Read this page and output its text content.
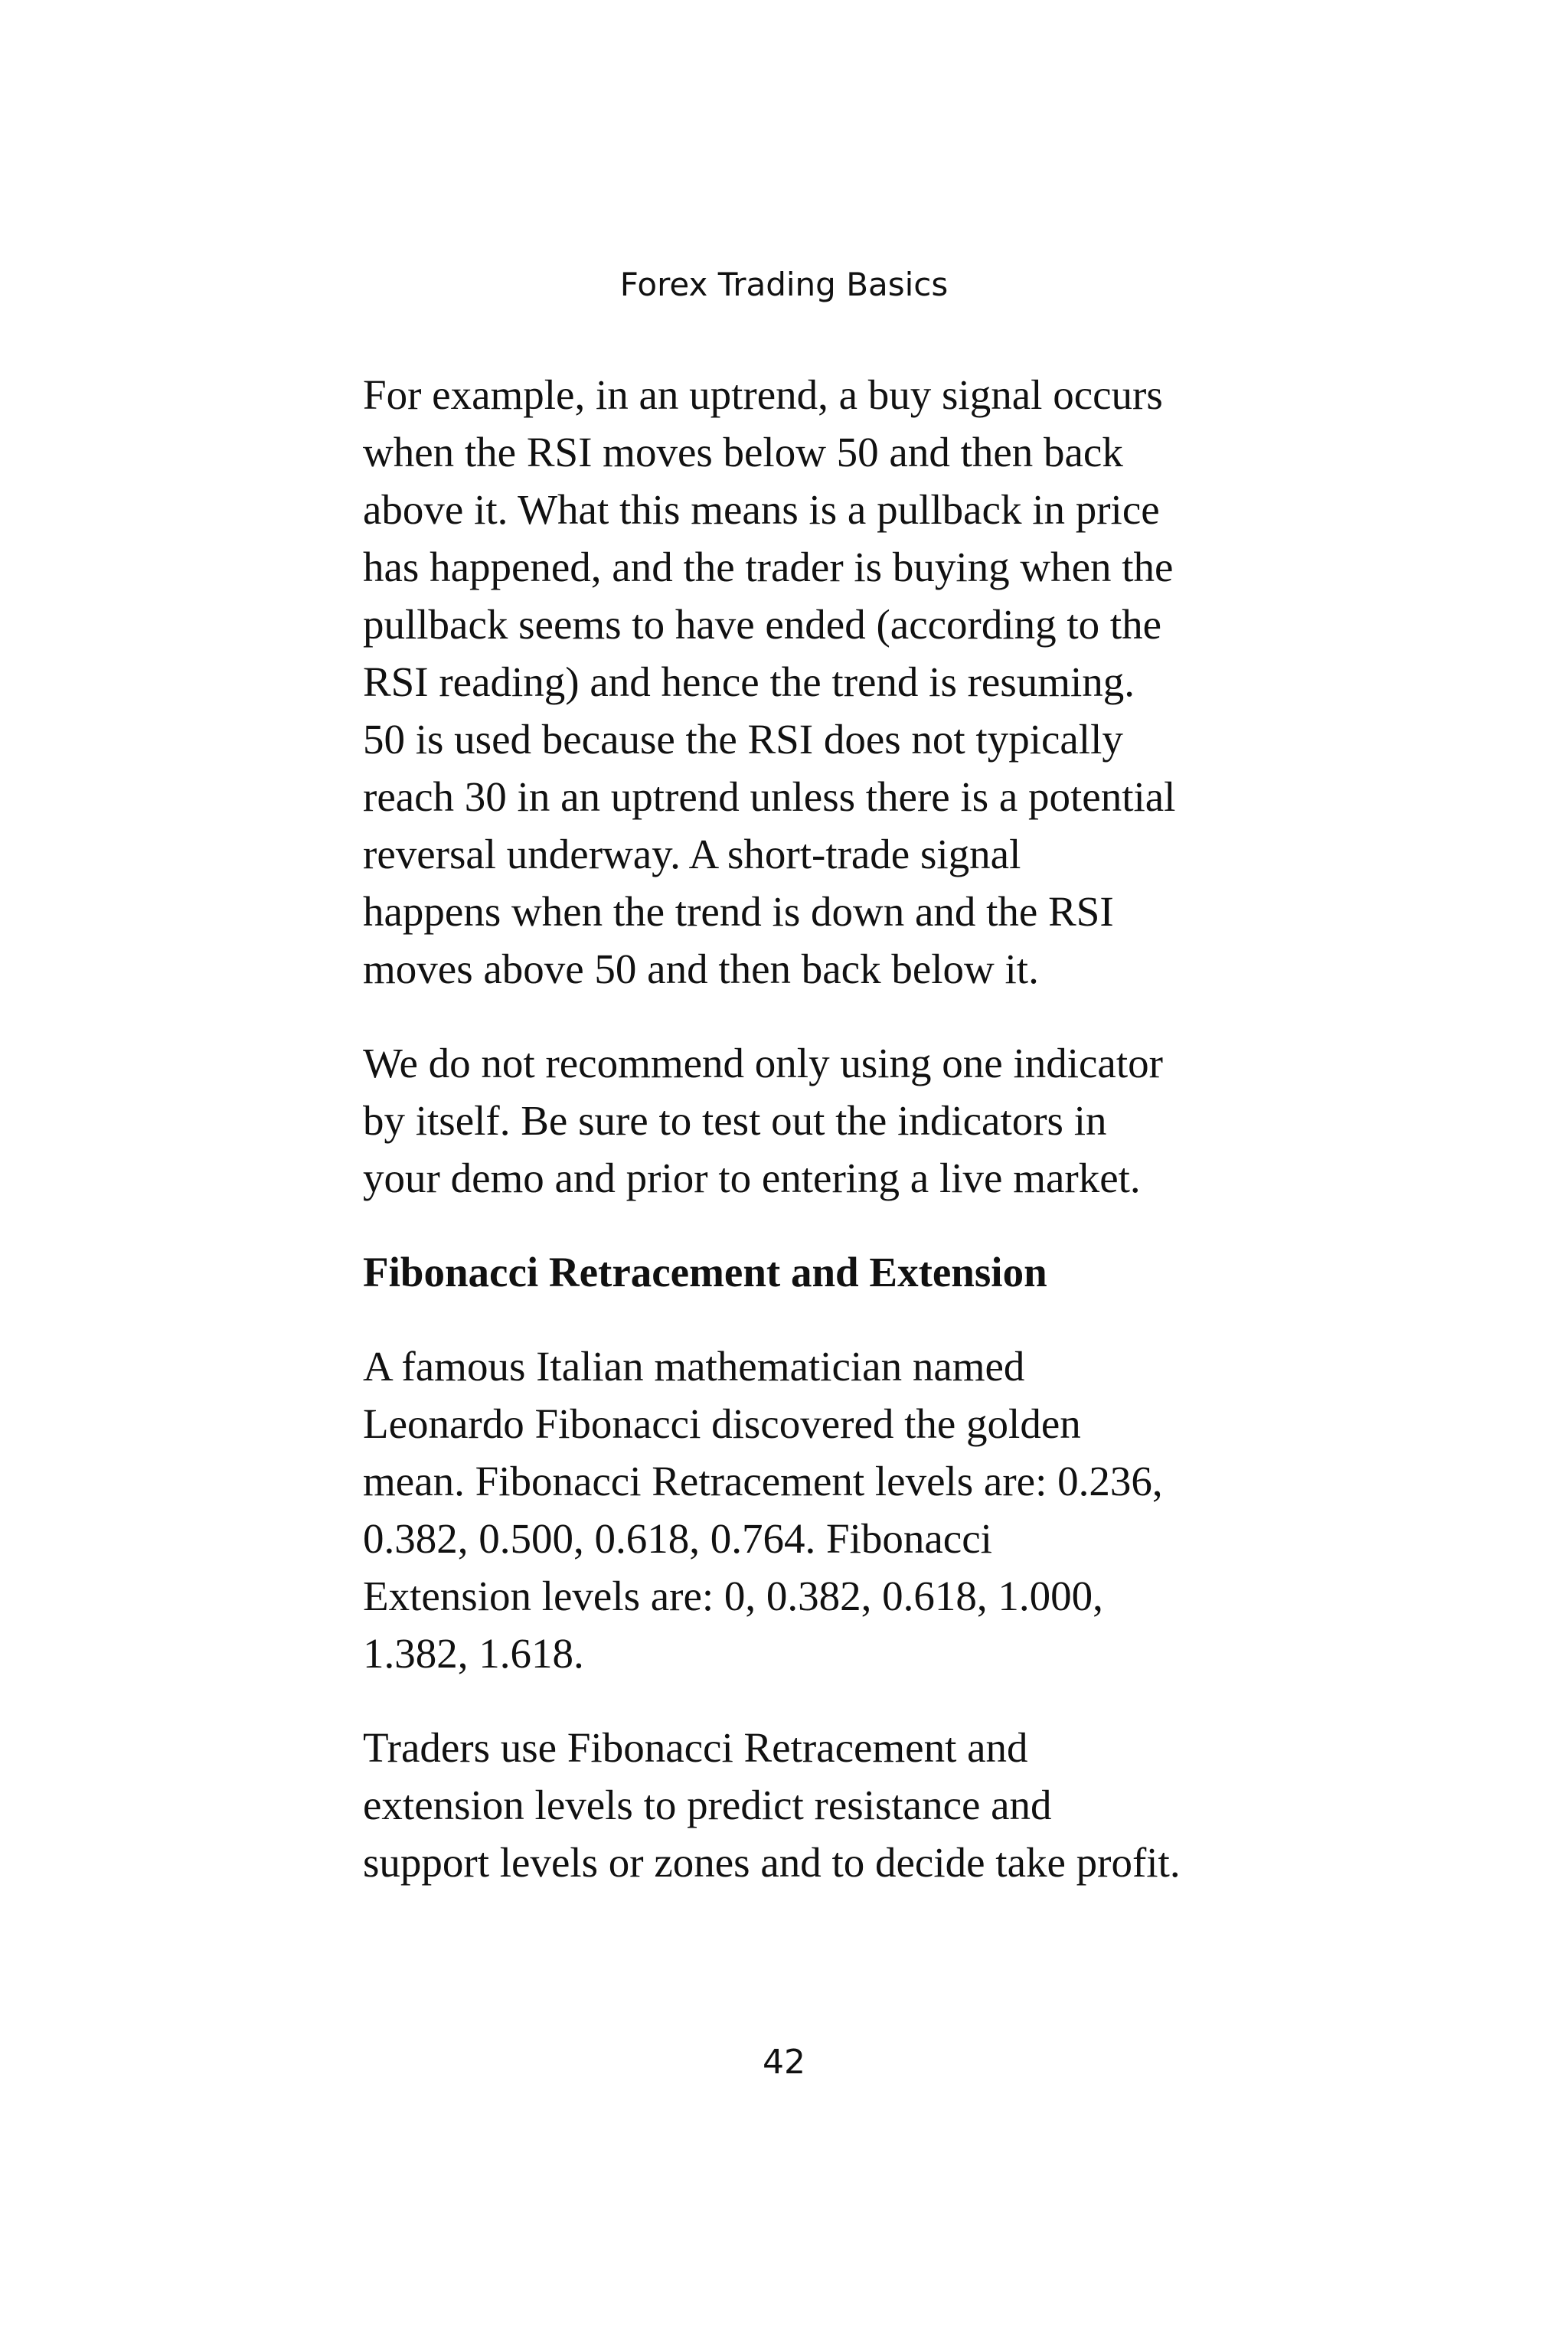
Forex Trading Basics

For example, in an uptrend, a buy signal occurs
when the RSI moves below 50 and then back
above it. What this means is a pullback in price
has happened, and the trader is buying when the
pullback seems to have ended (according to the
RSI reading) and hence the trend is resuming.
50 is used because the RSI does not typically
reach 30 in an uptrend unless there is a potential
reversal underway. A short-trade signal
happens when the trend is down and the RSI
moves above 50 and then back below it.

We do not recommend only using one indicator
by itself. Be sure to test out the indicators in
your demo and prior to entering a live market.

Fibonacci Retracement and Extension

A famous Italian mathematician named
Leonardo Fibonacci discovered the golden
mean. Fibonacci Retracement levels are: 0.236,
0.382, 0.500, 0.618, 0.764. Fibonacci
Extension levels are: 0, 0.382, 0.618, 1.000,
1.382, 1.618.

Traders use Fibonacci Retracement and
extension levels to predict resistance and
support levels or zones and to decide take profit.

42
